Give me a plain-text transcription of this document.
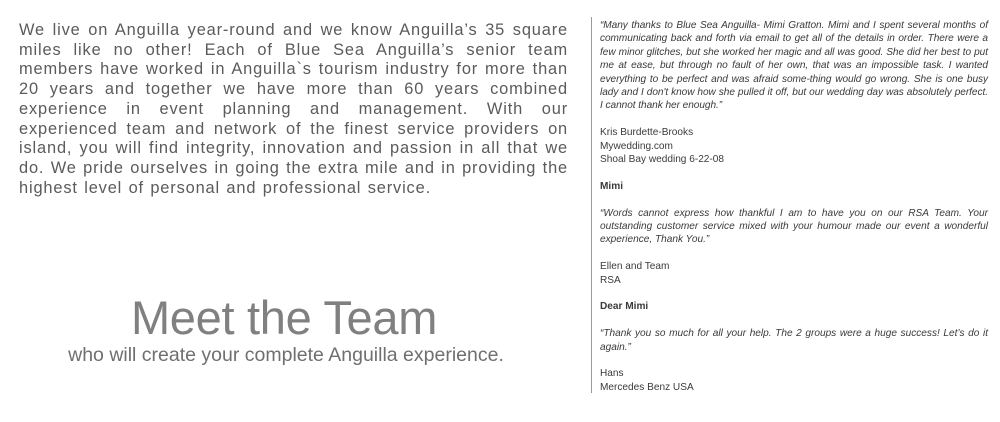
We live on Anguilla year-round and we know Anguilla’s 35 square miles like no other! Each of Blue Sea Anguilla’s senior team members have worked in Anguilla`s tourism industry for more than 20 years and together we have more than 60 years combined experience in event planning and management. With our experienced team and network of the finest service providers on island, you will find integrity, innovation and passion in all that we do. We pride ourselves in going the extra mile and in providing the highest level of personal and professional service.

Meet the Team

who will create your complete Anguilla experience.

“Many thanks to Blue Sea Anguilla- Mimi Gratton. Mimi and I spent several months of communicating back and forth via email to get all of the details in order. There were a few minor glitches, but she worked her magic and all was good. She did her best to put me at ease, but through no fault of her own, that was an impossible task. I wanted everything to be perfect and was afraid some-thing would go wrong. She is one busy lady and I don't know how she pulled it off, but our wedding day was absolutely perfect. I cannot thank her enough.”

Kris Burdette-Brooks

Mywedding.com

Shoal Bay wedding 6-22-08

Mimi

“Words cannot express how thankful I am to have you on our RSA Team. Your outstanding customer service mixed with your humour made our event a wonderful experience, Thank You.”

Ellen and Team

RSA

Dear Mimi

“Thank you so much for all your help. The 2 groups were a huge success! Let’s do it again.”

Hans

Mercedes Benz USA
